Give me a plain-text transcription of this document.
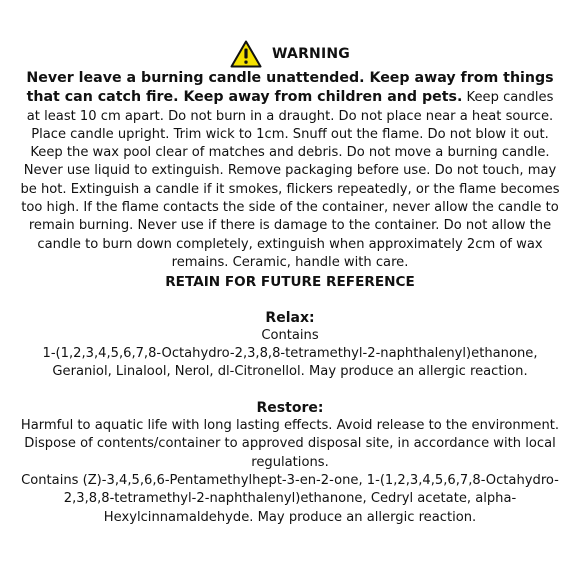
WARNING

Never leave a burning candle unattended. Keep away from things that can catch fire. Keep away from children and pets. Keep candles at least 10 cm apart. Do not burn in a draught. Do not place near a heat source. Place candle upright. Trim wick to 1cm. Snuff out the flame. Do not blow it out. Keep the wax pool clear of matches and debris. Do not move a burning candle. Never use liquid to extinguish. Remove packaging before use. Do not touch, may be hot. Extinguish a candle if it smokes, flickers repeatedly, or the flame becomes too high. If the flame contacts the side of the container, never allow the candle to remain burning. Never use if there is damage to the container. Do not allow the candle to burn down completely, extinguish when approximately 2cm of wax remains. Ceramic, handle with care.

RETAIN FOR FUTURE REFERENCE

Relax:

Contains

1-(1,2,3,4,5,6,7,8-Octahydro-2,3,8,8-tetramethyl-2-naphthalenyl)ethanone, Geraniol, Linalool, Nerol, dl-Citronellol. May produce an allergic reaction.

Restore:

Harmful to aquatic life with long lasting effects. Avoid release to the environment. Dispose of contents/container to approved disposal site, in accordance with local regulations.

Contains (Z)-3,4,5,6,6-Pentamethylhept-3-en-2-one, 1-(1,2,3,4,5,6,7,8-Octahydro-2,3,8,8-tetramethyl-2-naphthalenyl)ethanone, Cedryl acetate, alpha-Hexylcinnamaldehyde. May produce an allergic reaction.
